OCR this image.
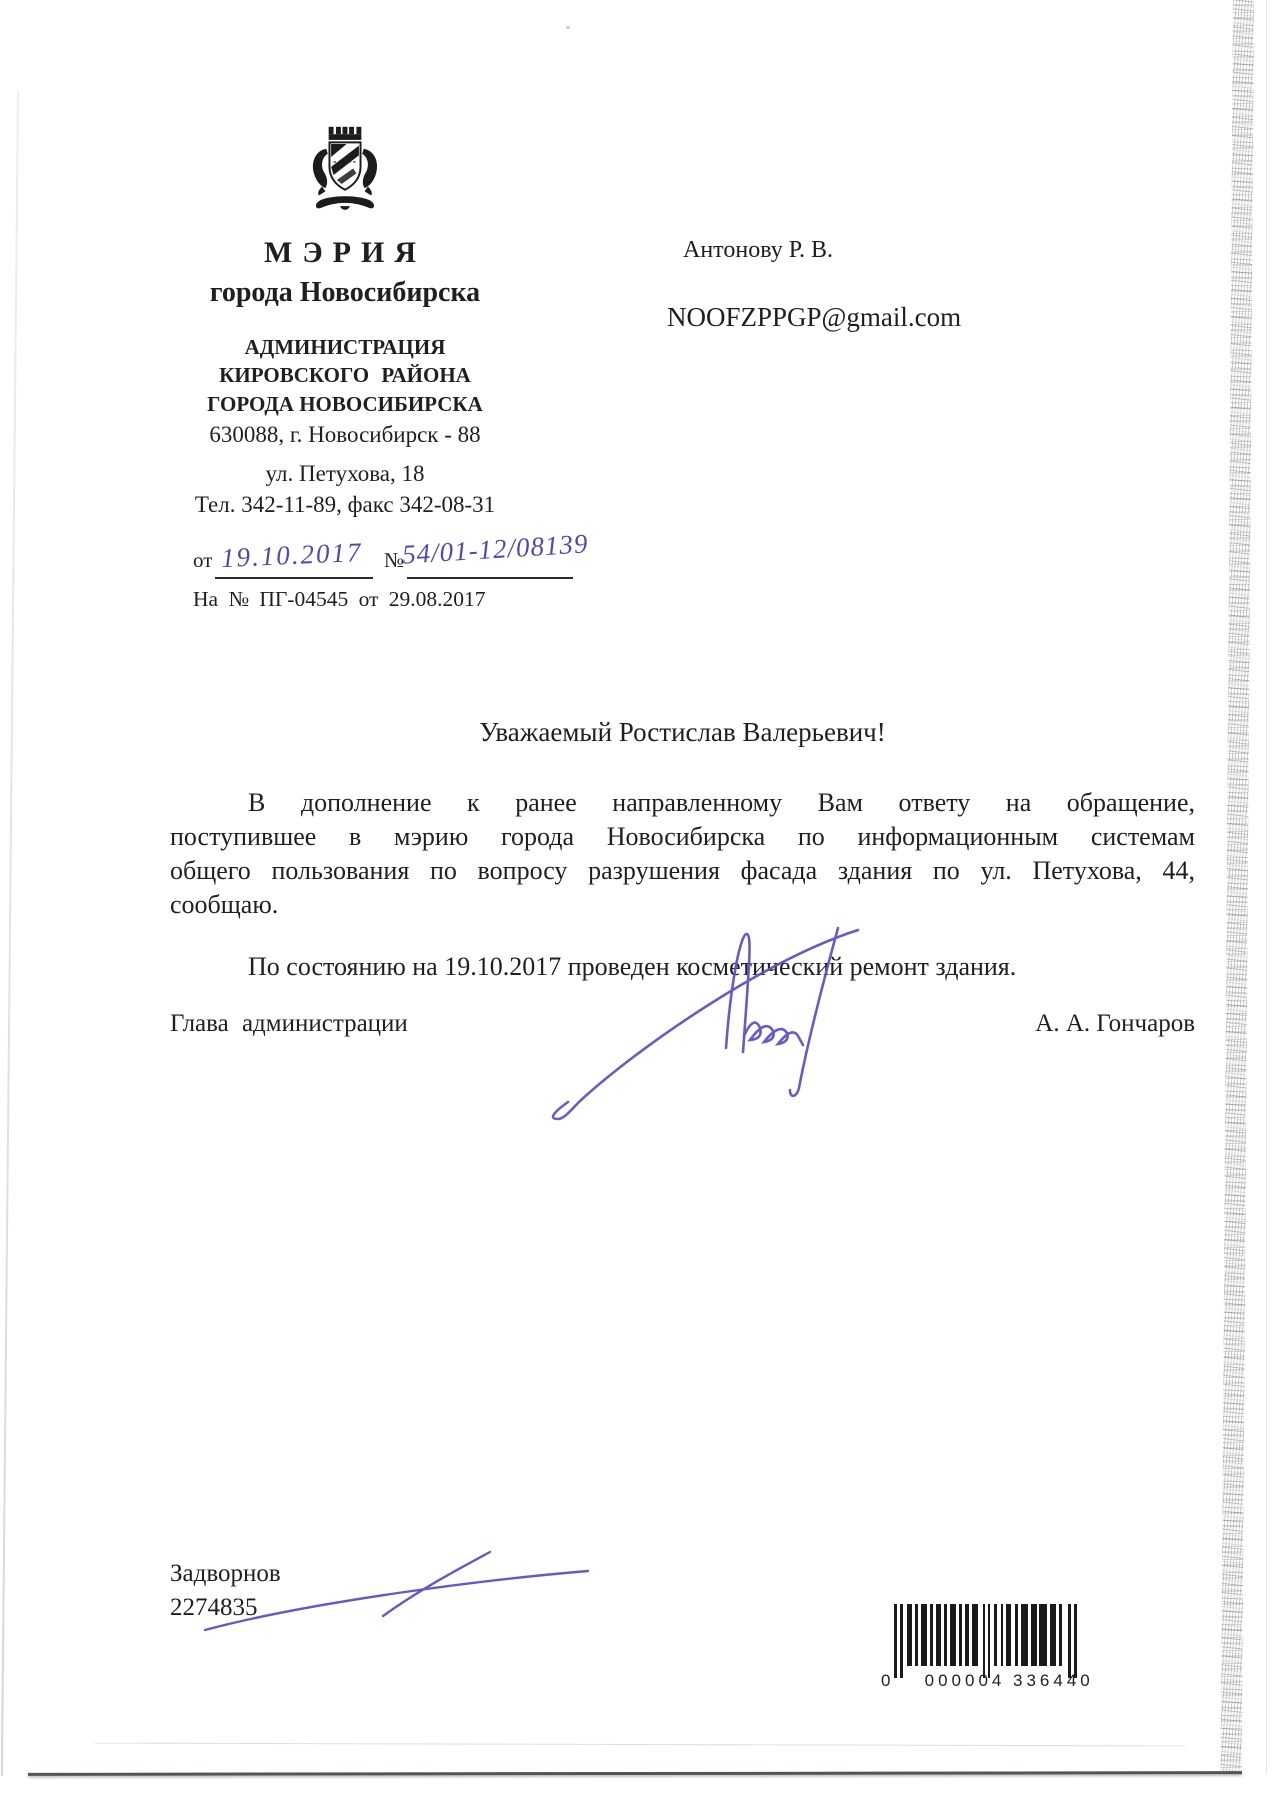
МЭРИЯ
города Новосибирска
АДМИНИСТРАЦИЯ
КИРОВСКОГО РАЙОНА
ГОРОДА НОВОСИБИРСКА
630088, г. Новосибирск - 88
ул. Петухова, 18
Тел. 342-11-89, факс 342-08-31
от 19.10.2017 №
54/01-12/08139
На № ПГ-04545 от 29.08.2017
Антонову Р. В.
NOOFZPPGP@gmail.com
Уважаемый Ростислав Валерьевич!
В дополнение к ранее направленному Вам ответу на обращение,
поступившее в мэрию города Новосибирска по информационным системам
общего пользования по вопросу разрушения фасада здания по ул. Петухова, 44,
сообщаю.
По состоянию на 19.10.2017 проведен косметический ремонт здания.
Глава администрации	А. А. Гончаров
Задворнов
2274835
0	000004 336440
